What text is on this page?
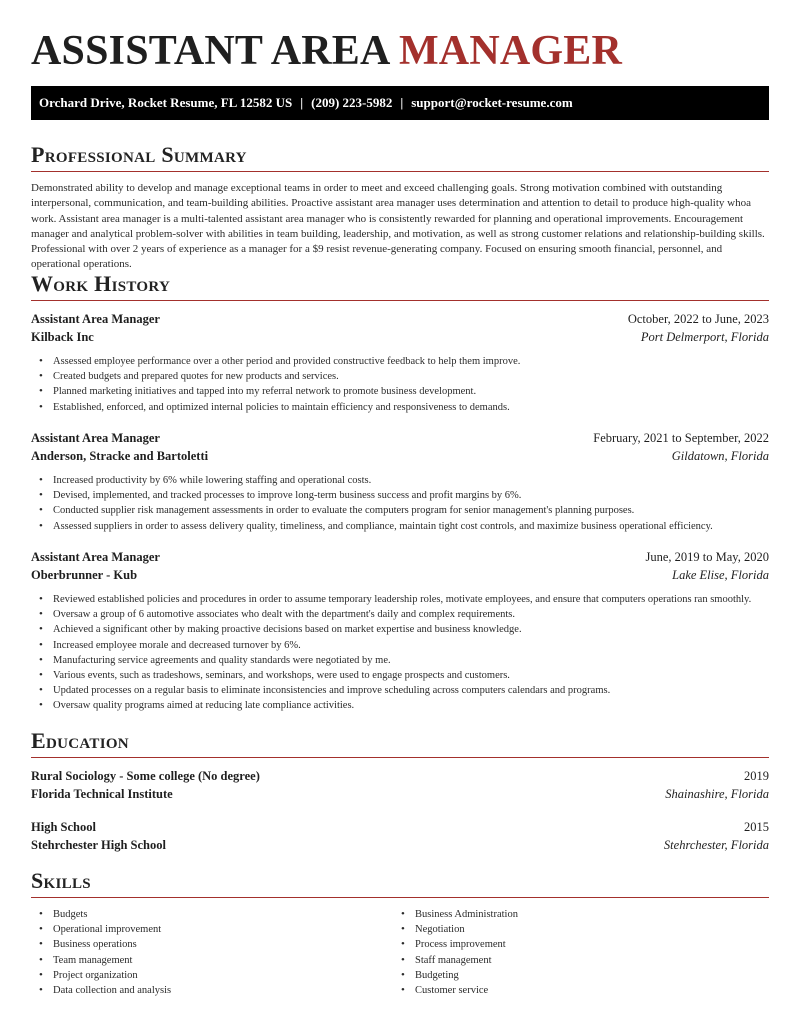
ASSISTANT AREA MANAGER
Orchard Drive, Rocket Resume, FL 12582 US | (209) 223-5982 | support@rocket-resume.com
Professional Summary

Demonstrated ability to develop and manage exceptional teams in order to meet and exceed challenging goals. Strong motivation combined with outstanding interpersonal, communication, and team-building abilities. Proactive assistant area manager uses determination and attention to detail to produce high-quality whoa work. Assistant area manager is a multi-talented assistant area manager who is consistently rewarded for planning and operational improvements. Encouragement manager and analytical problem-solver with abilities in team building, leadership, and motivation, as well as strong customer relations and relationship-building skills. Professional with over 2 years of experience as a manager for a $9 resist revenue-generating company. Focused on ensuring smooth financial, personnel, and operational operations.

Work History
Assistant Area Manager	October, 2022 to June, 2023
Kilback Inc	Port Delmerport, Florida
• Assessed employee performance over a other period and provided constructive feedback to help them improve.
• Created budgets and prepared quotes for new products and services.
• Planned marketing initiatives and tapped into my referral network to promote business development.
• Established, enforced, and optimized internal policies to maintain efficiency and responsiveness to demands.
Assistant Area Manager	February, 2021 to September, 2022
Anderson, Stracke and Bartoletti	Gildatown, Florida
• Increased productivity by 6% while lowering staffing and operational costs.
• Devised, implemented, and tracked processes to improve long-term business success and profit margins by 6%.
• Conducted supplier risk management assessments in order to evaluate the computers program for senior management's planning purposes.
• Assessed suppliers in order to assess delivery quality, timeliness, and compliance, maintain tight cost controls, and maximize business operational efficiency.
Assistant Area Manager	June, 2019 to May, 2020
Oberbrunner - Kub	Lake Elise, Florida
• Reviewed established policies and procedures in order to assume temporary leadership roles, motivate employees, and ensure that computers operations ran smoothly.
• Oversaw a group of 6 automotive associates who dealt with the department's daily and complex requirements.
• Achieved a significant other by making proactive decisions based on market expertise and business knowledge.
• Increased employee morale and decreased turnover by 6%.
• Manufacturing service agreements and quality standards were negotiated by me.
• Various events, such as tradeshows, seminars, and workshops, were used to engage prospects and customers.
• Updated processes on a regular basis to eliminate inconsistencies and improve scheduling across computers calendars and programs.
• Oversaw quality programs aimed at reducing late compliance activities.
Education
Rural Sociology - Some college (No degree)	2019
Florida Technical Institute	Shainashire, Florida
High School	2015
Stehrchester High School	Stehrchester, Florida
Skills
• Budgets
• Operational improvement
• Business operations
• Team management
• Project organization
• Data collection and analysis
• Business Administration
• Negotiation
• Process improvement
• Staff management
• Budgeting
• Customer service
